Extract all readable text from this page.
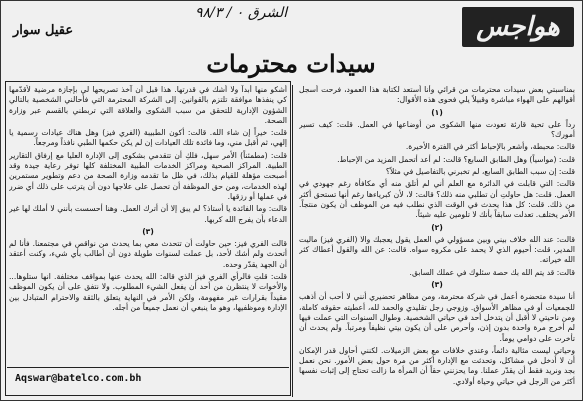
عقيل سوار
الشرق ٠ / ٩٨/٣	هواجس
سيدات محترمات

بمناسبتي بعض سيدات محترمات من قرائي وأنا أستعد لكتابة هذا العمود، فرحت أسجل أقوالهم على الهواء مباشرة وقبيلاً يلي فحوى هذه الأقوال:

(١)

رداً على تحية قارئة تعودت منها الشكوى من أوضاعها في العمل. قلت: كيف تسير أمورك؟

قالت: محبطة، وأشعر بالإحباط أكثر في الفترة الأخيرة.

قلت: (مواسياً) وهل الطابق السابع؟ قالت: لم أعد أتحمل المزيد من الإحباط.

قلت: إن سبب الطابق السابع، لم تخبرني بالتفاصيل في مثلاً؟

قالت: التي قابلت في الدائرة مع العلم أني لم أتلق منه أي مكافأة رغم جهودي في العمل. قلت: هل حاولتِ أن تطلبي منه ذلك؟ قالت: لا، لأن كبرياءها رغم أنها تستحق أكثر من ذلك. قلت: كل هذا يحدث في الوقت الذي نطلب فيه من الموظف أن يكون منتجاً. الأمر يختلف. تعدلت سابقاً بأنك لا تلومين عليه شيئاً.

(٢)

قالت: عند الله خلاف بيني وبين مسؤولي في العمل يقول يعجبك والا (الفري فيز) ماليت المدير، قلت: أحيوم الذي لا يحمد على مكروه سواه. قالت: عن الله والقول أعطاك كثر الله خيراته.

قالت: قد يتم الله بك حصة سئلوك في عملك السابق.

(٣)

أنا سيدة متحضرة أعمل في شركة محترمة، ومن مظاهر تحضيري أنني لا أحب أن أذهب للجمعيات أو في مظاهر الأسواق. وزوجي رجل تقليدي والحمد لله، أعطيته حقوقه كاملة، ومن ناحيتي لا أقبل أن يتدخل أحد في حياتي الشخصية. وطوال السنوات التي عملت فيها لم أخرج مرة واحدة بدون إذن، وأحرص على أن يكون بيتي نظيفاً ومرتباً. ولم يحدث أن تأخرت على دوامي يوماً.

وحياتي ليست مثالية دائماً، وعندي خلافات مع بعض الزميلات. لكنني أحاول قدر الإمكان أن لا أدخل في مشاكل، وتحدثت مع الإدارة أكثر من مرة حول بعض الأمور. نحن نعمل بجد ونريد فقط أن يقدّر عملنا. وما يحزنني حقاً أن المرأة ما زالت تحتاج إلى إثبات نفسها أكثر من الرجل في حياتي وحياة أولادي.

أشكو منها أبداً ولا أشك في قدرتها. هذا قبل أن آخذ تصريحها لي بإجازة مرضية لأقدّمها كي ينفذها موافقة تلتزم بالقوانين. إلى الشركة المحترمة التي فأحالني الشخصية بالتالي الشؤون الإدارية للتحقق من سبب الشكوى والعلاقة التي تربطني بالقسم عبر وزارة الصحة.

قلت: خيراً إن شاء الله. قالت: أكون الطبيبة (الفري فيز) وهل هناك عيادات رسمية يا إلهي، ثم أقبل مني، وما فائدة تلك العيادات إن لم يكن حكمها الطبي نافذاً ومرجعاً.

قلت: (مطمئناً) الأمر سهل، فلكِ أن تتقدمي بشكوى إلى الإدارة العليا مع إرفاق التقارير الطبية. المراكز الصحية ومراكز الخدمات الطبية المختلفة كلها توفر رعاية جيدة وقد أصبحت مؤهلة للقيام بذلك، في ظل ما تقدمه وزارة الصحة من دعم وتطوير مستمرين لهذه الخدمات، ومن حق الموظفة أن تحصل على علاجها دون أن يترتب على ذلك أي ضرر في عملها أو رزقها.

قالت: وما الفائدة يا أستاذ؟ لم يبق إلا أن أترك العمل. وهنا أحسست بأنني لا أملك لها غير الدعاء بأن يفرج الله كربها.

(٣)

قالت الفري فيز: حين حاولت أن تتحدث معي بما يحدث من نواقص في مجتمعنا. فأنا لم أتحدث ولم أشك لأحد، بل عملت لسنوات طويلة دون أن أطالب بأي شيء، وكنت أعتقد أن الجهد يقدّر وحده.

قلت: قلتِ فالرأي الفري فيز الذي قاله: الله يحدث عنها بمواقف مختلفة. انها ستلوها... والأخوات لا ينتظرن من أحد أن يفعل الشيء المطلوب. ولا نتفق على أن يكون الموظف مقيداً بقرارات غير مفهومة، ولكن الأمر في النهاية يتعلق بالثقة والاحترام المتبادل بين الإدارة وموظفيها، وهو ما ينبغي أن نعمل جميعاً من أجله.

Aqswar@batelco.com.bh
